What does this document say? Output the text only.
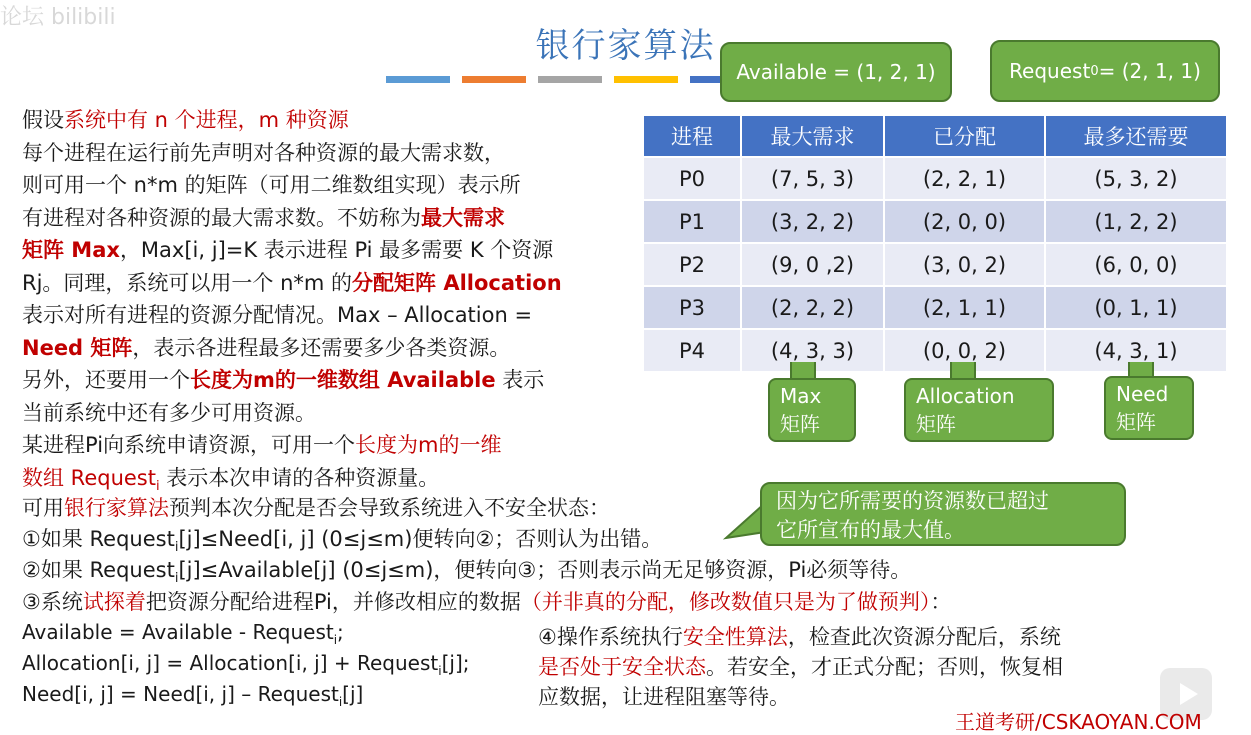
论坛 bilibili
银行家算法
Available = (1, 2, 1)	Request 0 = (2, 1, 1)
假设系统中有 n 个进程，m 种资源
每个进程在运行前先声明对各种资源的最大需求数，
则可用一个 n*m 的矩阵（可用二维数组实现）表示所
有进程对各种资源的最大需求数。不妨称为最大需求
矩阵 Max，Max[i, j]=K 表示进程 Pi 最多需要 K 个资源
Rj。同理，系统可以用一个 n*m 的分配矩阵 Allocation
表示对所有进程的资源分配情况。Max – Allocation =
Need 矩阵，表示各进程最多还需要多少各类资源。
另外，还要用一个长度为m的一维数组 Available 表示
当前系统中还有多少可用资源。
某进程Pi向系统申请资源，可用一个长度为m的一维
数组 Request$_i$ 表示本次申请的各种资源量。
进程	最大需求	已分配	最多还需要
P0	(7, 5, 3)	(2, 2, 1)	(5, 3, 2)
P1	(3, 2, 2)	(2, 0, 0)	(1, 2, 2)
P2	(9, 0 ,2)	(3, 0, 2)	(6, 0, 0)
P3	(2, 2, 2)	(2, 1, 1)	(0, 1, 1)
P4	(4, 3, 3)	(0, 0, 2)	(4, 3, 1)
Max
矩阵
Allocation
矩阵
Need
矩阵
因为它所需要的资源数已超过
它所宣布的最大值。
可用银行家算法预判本次分配是否会导致系统进入不安全状态：
①如果 Request$_i$[j]≤Need[i, j] (0≤j≤m)便转向②；否则认为出错。
②如果 Request$_i$[j]≤Available[j] (0≤j≤m)，便转向③；否则表示尚无足够资源，Pi必须等待。
③系统试探着把资源分配给进程Pi，并修改相应的数据（并非真的分配，修改数值只是为了做预判）：
Available = Available - Request$_i$;
Allocation[i, j] = Allocation[i, j] + Request$_i$[j];
Need[i, j] = Need[i, j] – Request$_i$[j]
④操作系统执行安全性算法，检查此次资源分配后，系统
是否处于安全状态。若安全，才正式分配；否则，恢复相
应数据，让进程阻塞等待。
王道考研/CSKAOYAN.COM
